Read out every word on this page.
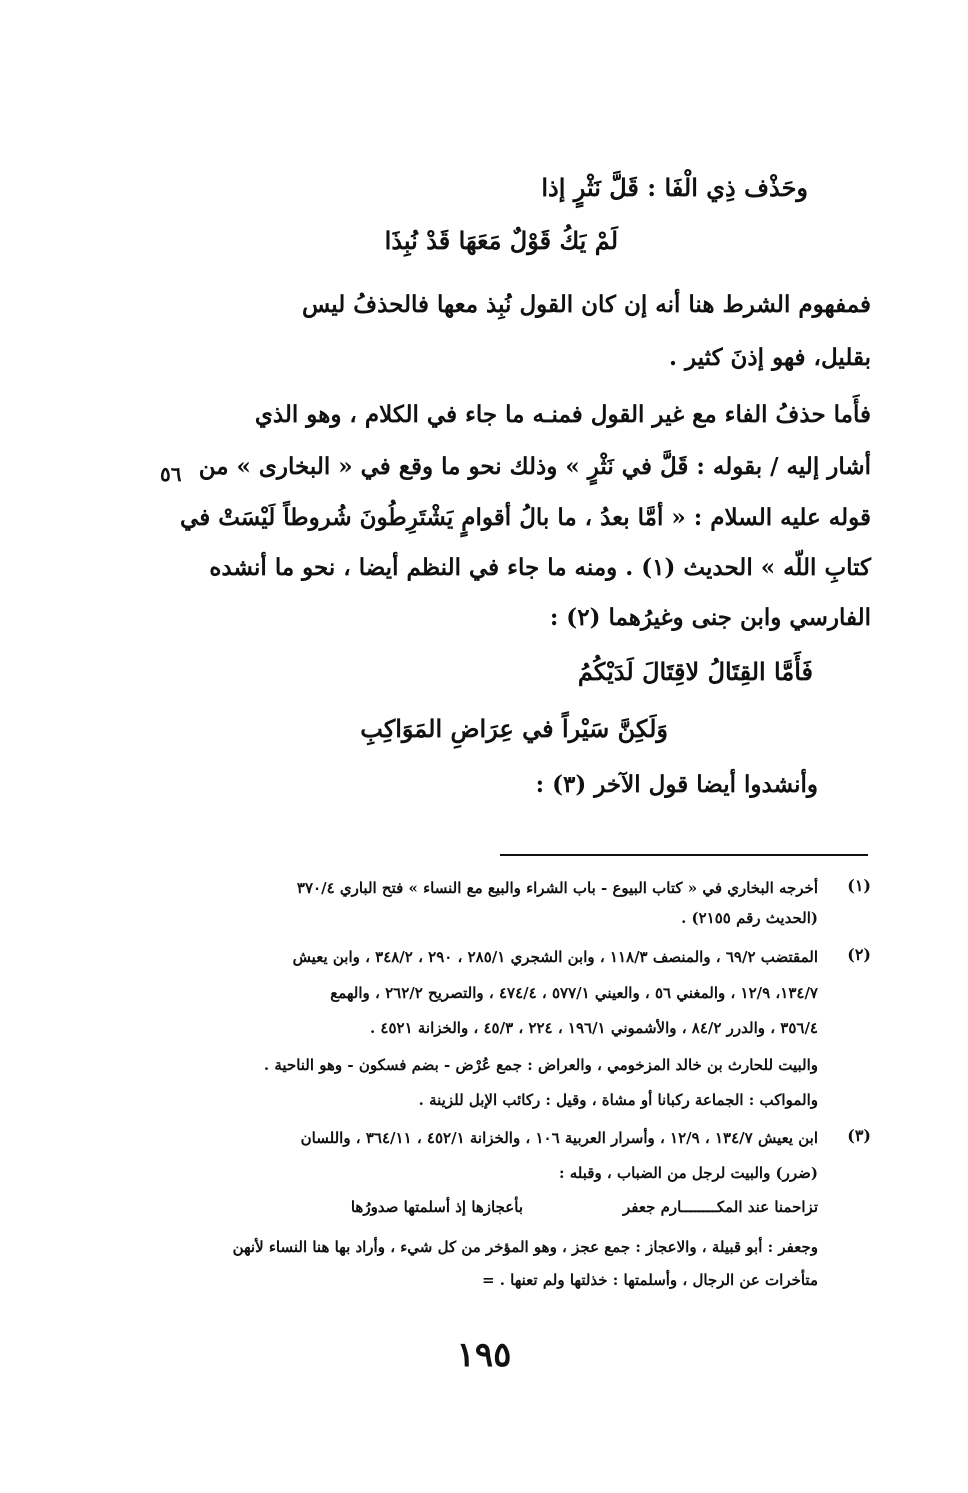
وحَذْف ذِي الْفَا : قَلَّ نَثْرٍ إذا
لَمْ يَكُ قَوْلٌ مَعَهَا قَدْ نُبِذَا
فمفهوم الشرط هنا أنه إن كان القول نُبِذ معها فالحذفُ ليس
بقليل، فهو إذنَ كثير .
فأَما حذفُ الفاء مع غير القول فمنـه ما جاء في الكلام ، وهو الذي
أشار إليه / بقوله : قَلَّ في نَثْرٍ » وذلك نحو ما وقع في « البخارى » من
٥٦
قوله عليه السلام : « أمَّا بعدُ ، ما بالُ أقوامٍ يَشْتَرِطُونَ شُروطاً لَيْسَتْ في
كتابِ اللّه » الحديث (١) . ومنه ما جاء في النظم أيضا ، نحو ما أنشده
الفارسي وابن جنى وغيرُهما (٢) :
فَأَمَّا القِتَالُ لاقِتَالَ لَدَيْكُمُ
وَلَكِنَّ سَيْراً في عِرَاضِ المَوَاكِبِ
وأنشدوا أيضا قول الآخر (٣) :
(١)
أخرجه البخاري في « كتاب البيوع - باب الشراء والبيع مع النساء » فتح الباري ٣٧٠/٤
(الحديث رقم ٢١٥٥) .
(٢)
المقتضب ٦٩/٢ ، والمنصف ١١٨/٣ ، وابن الشجري ٢٨٥/١ ، ٢٩٠ ، ٣٤٨/٢ ، وابن يعيش
١٣٤/٧، ١٢/٩ ، والمغني ٥٦ ، والعيني ٥٧٧/١ ، ٤٧٤/٤ ، والتصريح ٢٦٢/٢ ، والهمع
٣٥٦/٤ ، والدرر ٨٤/٢ ، والأشموني ١٩٦/١ ، ٢٢٤ ، ٤٥/٣ ، والخزانة ٤٥٢١ .
والبيت للحارث بن خالد المزخومي ، والعراض : جمع عُرْض - بضم فسكون - وهو الناحية .
والمواكب : الجماعة ركبانا أو مشاة ، وقيل : ركائب الإبل للزينة .
(٣)
ابن يعيش ١٣٤/٧ ، ١٢/٩ ، وأسرار العربية ١٠٦ ، والخزانة ٤٥٢/١ ، ٣٦٤/١١ ، واللسان
(ضرر) والبيت لرجل من الضباب ، وقبله :
تزاحمنا عند المكــــــــارم جعفر
بأعجازها إذ أسلمتها صدورُها
وجعفر : أبو قبيلة ، والاعجاز : جمع عجز ، وهو المؤخر من كل شيء ، وأراد بها هنا النساء لأنهن
متأخرات عن الرجال ، وأسلمتها : خذلتها ولم تعنها . =
١٩٥
